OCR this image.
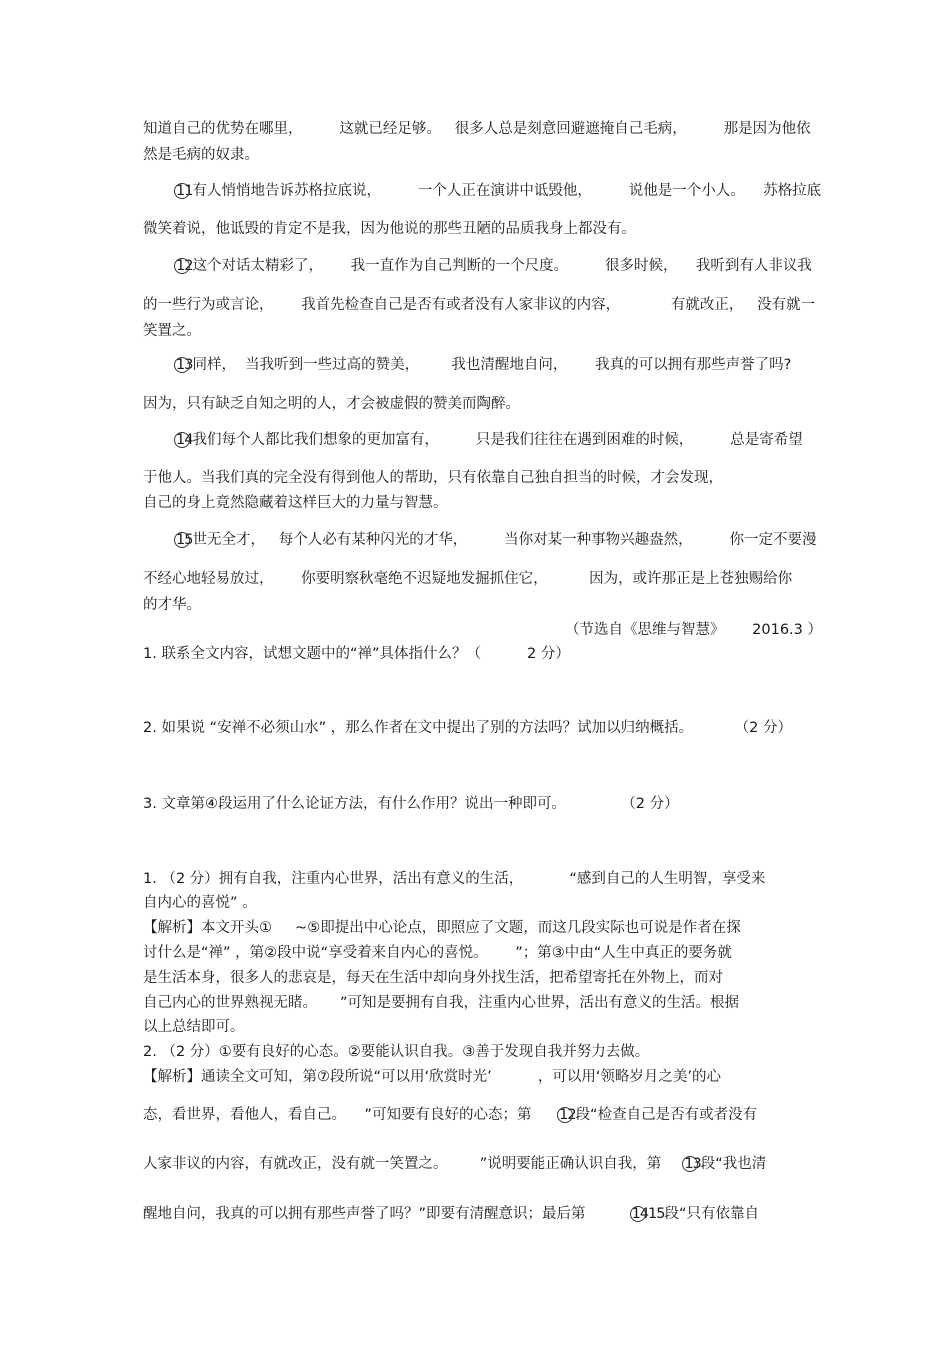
知道自己的优势在哪里，        这就已经足够。   很多人总是刻意回避遮掩自己毛病，        那是因为他依
然是毛病的奴隶。
11有人悄悄地告诉苏格拉底说，        一个人正在演讲中诋毁他，        说他是一个小人。    苏格拉底
微笑着说，他诋毁的肯定不是我，因为他说的那些丑陋的品质我身上都没有。
12这个对话太精彩了，      我一直作为自己判断的一个尺度。        很多时候，    我听到有人非议我
的一些行为或言论，      我首先检查自己是否有或者没有人家非议的内容，           有就改正，   没有就一
笑置之。
13同样，  当我听到一些过高的赞美，       我也清醒地自问，      我真的可以拥有那些声誉了吗?
因为，只有缺乏自知之明的人，才会被虚假的赞美而陶醉。
14我们每个人都比我们想象的更加富有，        只是我们往往在遇到困难的时候，        总是寄希望
于他人。当我们真的完全没有得到他人的帮助，只有依靠自己独自担当的时候，才会发现，
自己的身上竟然隐藏着这样巨大的力量与智慧。
15世无全才，   每个人必有某种闪光的才华，        当你对某一种事物兴趣盎然，        你一定不要漫
不经心地轻易放过，      你要明察秋毫绝不迟疑地发掘抓住它，         因为，或许那正是上苍独赐给你
的才华。
（节选自《思维与智慧》      2016.3 ）
1. 联系全文内容，试想文题中的“禅”具体指什么？（          2 分）
2. 如果说 “安禅不必须山水” ，那么作者在文中提出了别的方法吗？试加以归纳概括。         （2 分）
3. 文章第④段运用了什么论证方法，有什么作用？说出一种即可。            （2 分）
1. （2 分）拥有自我，注重内心世界，活出有意义的生活，          “感到自己的人生明智，享受来
自内心的喜悦” 。
【解析】本文开头①     ~⑤即提出中心论点，即照应了文题，而这几段实际也可说是作者在探
讨什么是“禅” ，第②段中说“享受着来自内心的喜悦。      ”；第③中由“人生中真正的要务就
是生活本身，很多人的悲哀是，每天在生活中却向身外找生活，把希望寄托在外物上，而对
自己内心的世界熟视无睹。     ”可知是要拥有自我，注重内心世界，活出有意义的生活。根据
以上总结即可。
2. （2 分）①要有良好的心态。②要能认识自我。③善于发现自我并努力去做。
【解析】通读全文可知，第⑦段所说“可以用‘欣赏时光’          ，可以用‘领略岁月之美’的心
态，看世界，看他人，看自己。    ”可知要有良好的心态；第      12段“检查自己是否有或者没有
人家非议的内容，有就改正，没有就一笑置之。       ”说明要能正确认识自我，第     13段“我也清
醒地自问，我真的可以拥有那些声誉了吗？”即要有清醒意识；最后第          1415段“只有依靠自
